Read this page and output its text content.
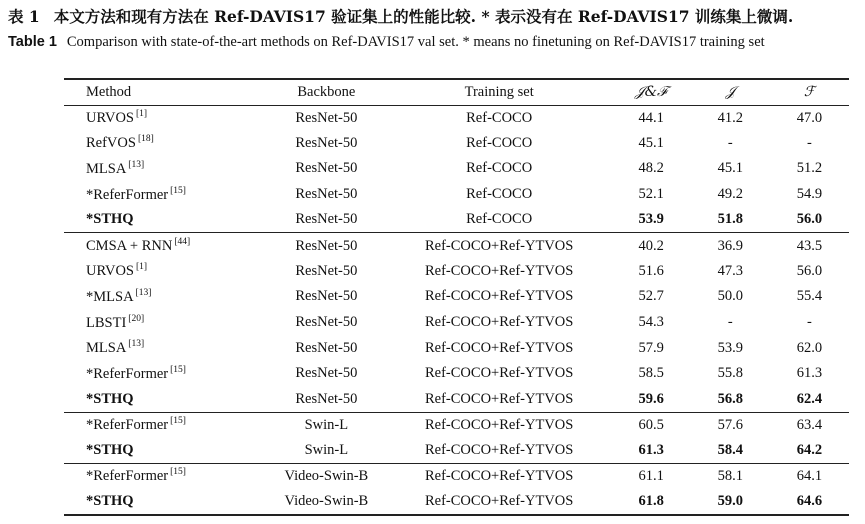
表 1 本文方法和现有方法在 Ref-DAVIS17 验证集上的性能比较. * 表示没有在 Ref-DAVIS17 训练集上微调.
Table 1 Comparison with state-of-the-art methods on Ref-DAVIS17 val set. * means no finetuning on Ref-DAVIS17 training set
Method	Backbone	Training set	𝒥&ℱ	𝒥	ℱ
URVOS [1]	ResNet-50	Ref-COCO	44.1	41.2	47.0
RefVOS [18]	ResNet-50	Ref-COCO	45.1	-	-
MLSA [13]	ResNet-50	Ref-COCO	48.2	45.1	51.2
*ReferFormer [15]	ResNet-50	Ref-COCO	52.1	49.2	54.9
*STHQ	ResNet-50	Ref-COCO	53.9	51.8	56.0
CMSA + RNN [44]	ResNet-50	Ref-COCO+Ref-YTVOS	40.2	36.9	43.5
URVOS [1]	ResNet-50	Ref-COCO+Ref-YTVOS	51.6	47.3	56.0
*MLSA [13]	ResNet-50	Ref-COCO+Ref-YTVOS	52.7	50.0	55.4
LBSTI [20]	ResNet-50	Ref-COCO+Ref-YTVOS	54.3	-	-
MLSA [13]	ResNet-50	Ref-COCO+Ref-YTVOS	57.9	53.9	62.0
*ReferFormer [15]	ResNet-50	Ref-COCO+Ref-YTVOS	58.5	55.8	61.3
*STHQ	ResNet-50	Ref-COCO+Ref-YTVOS	59.6	56.8	62.4
*ReferFormer [15]	Swin-L	Ref-COCO+Ref-YTVOS	60.5	57.6	63.4
*STHQ	Swin-L	Ref-COCO+Ref-YTVOS	61.3	58.4	64.2
*ReferFormer [15]	Video-Swin-B	Ref-COCO+Ref-YTVOS	61.1	58.1	64.1
*STHQ	Video-Swin-B	Ref-COCO+Ref-YTVOS	61.8	59.0	64.6
